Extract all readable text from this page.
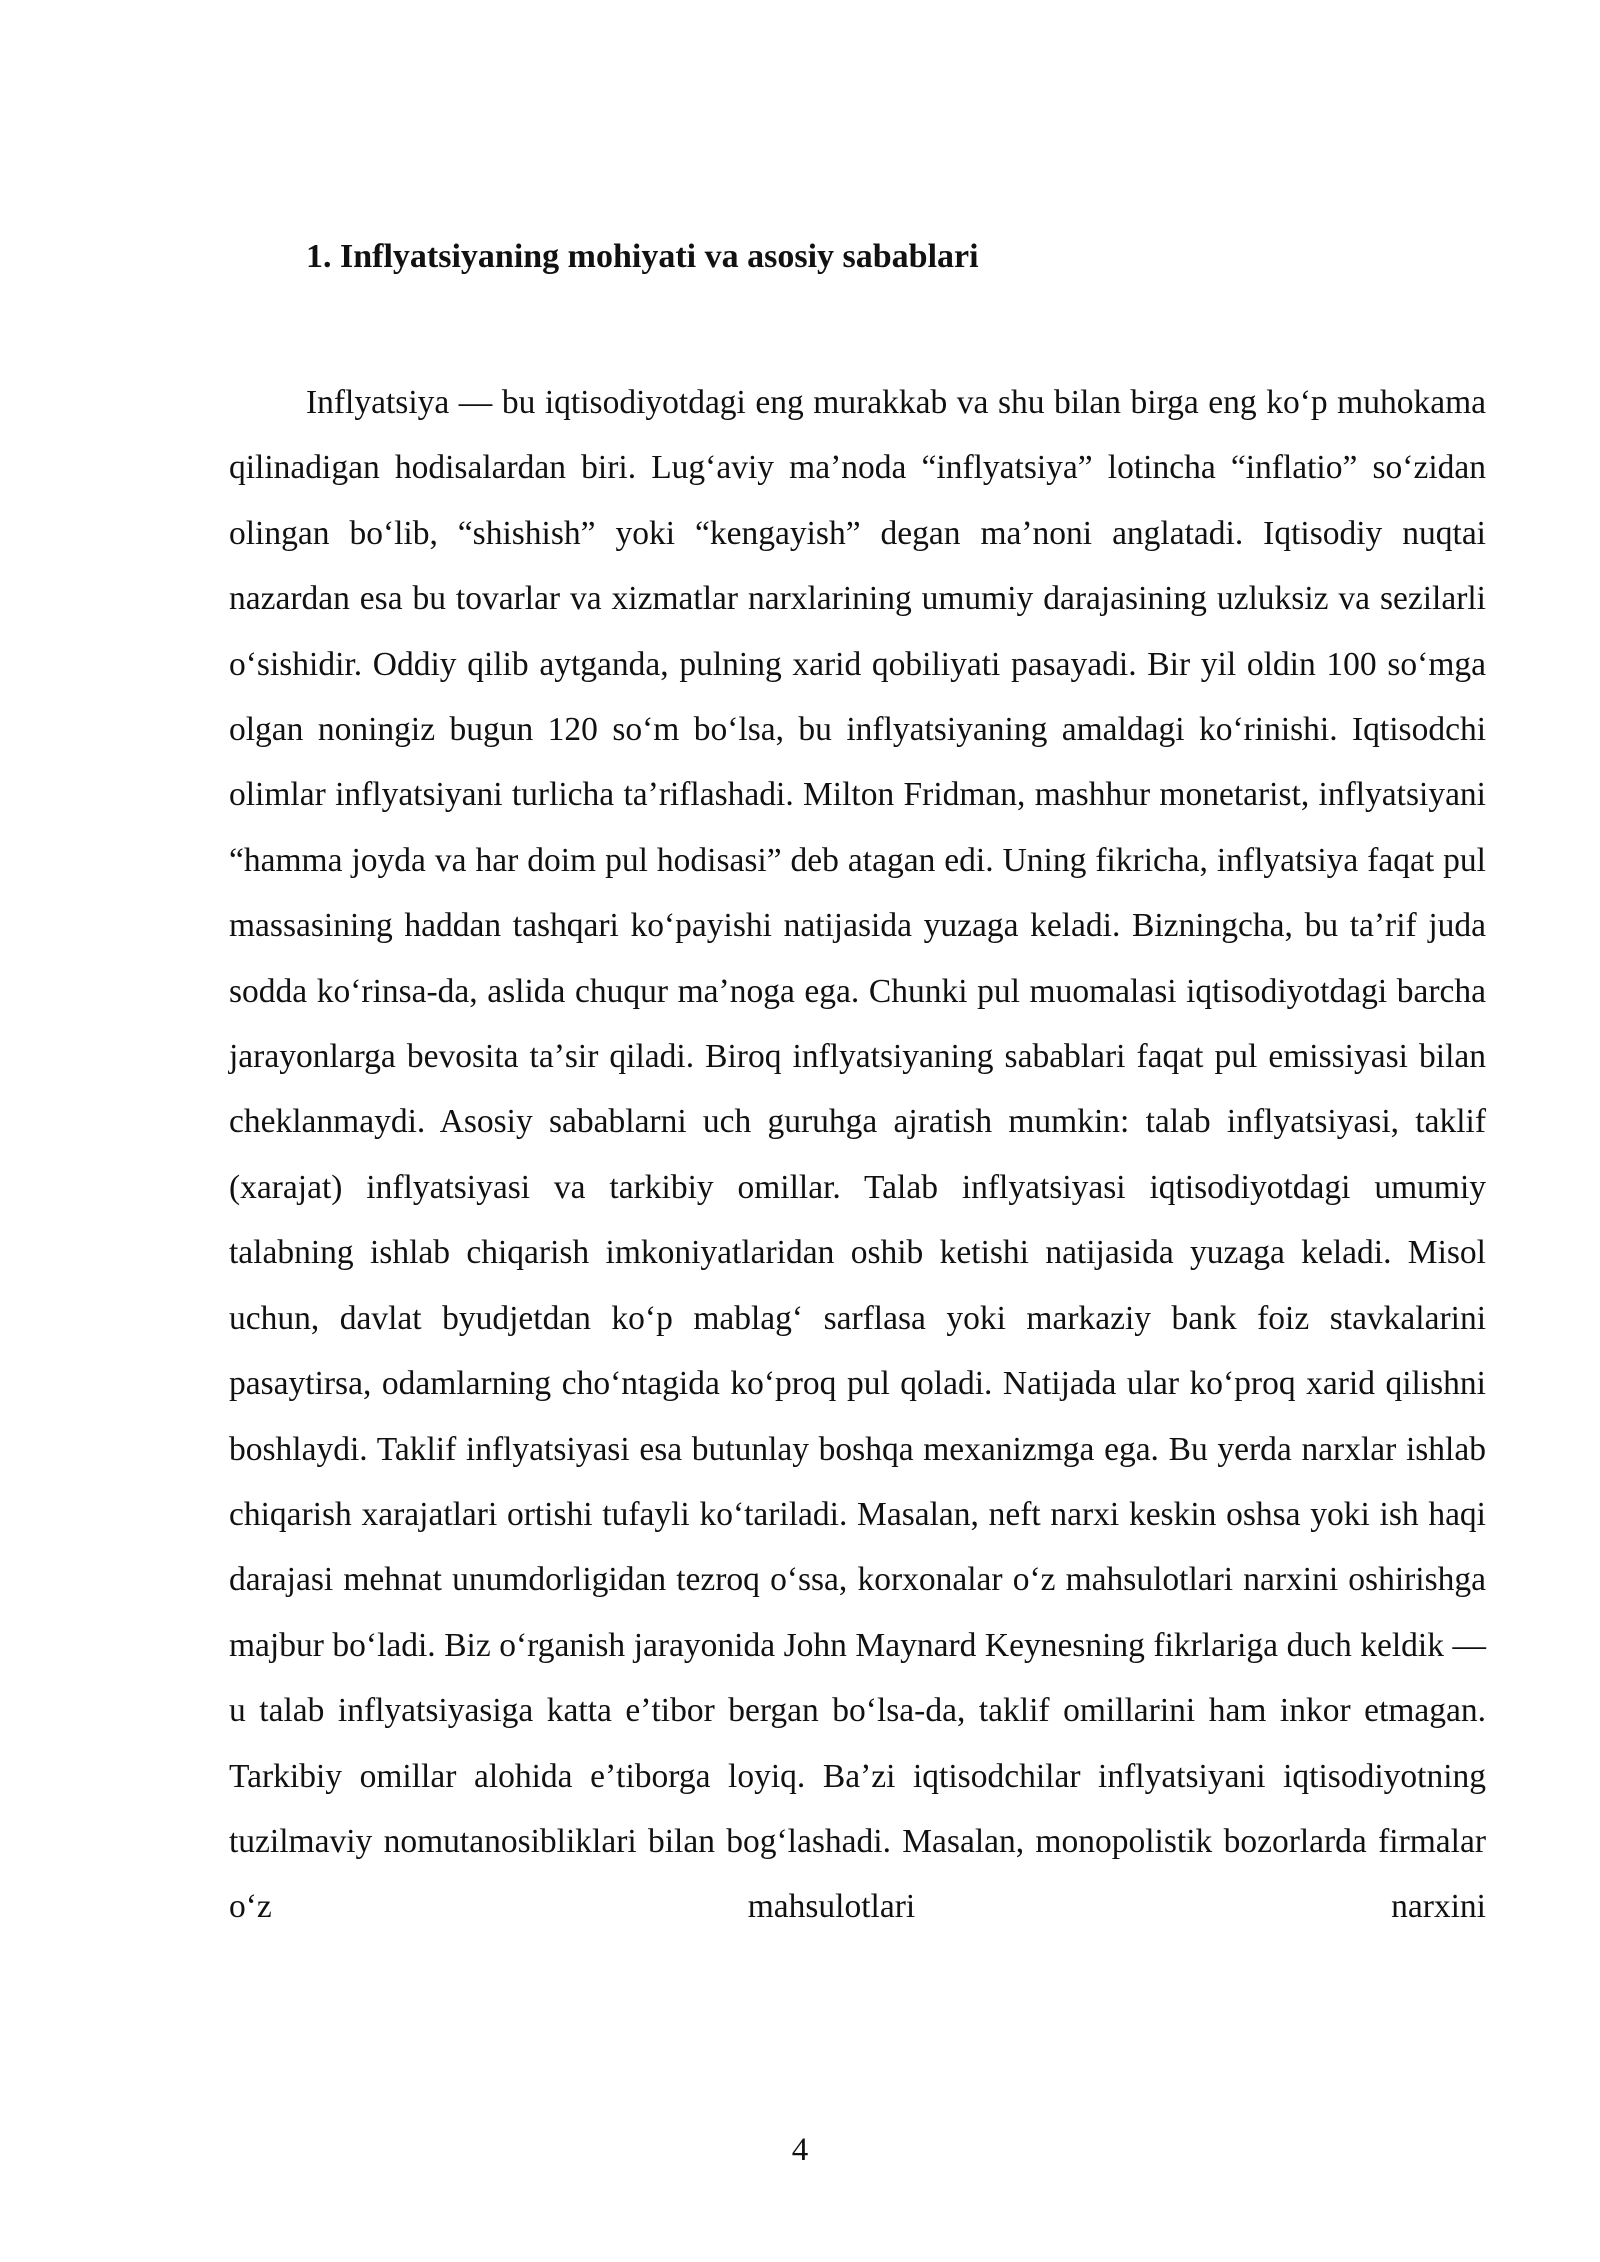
1. Inflyatsiyaning mohiyati va asosiy sabablari

Inflyatsiya — bu iqtisodiyotdagi eng murakkab va shu bilan birga eng koʻp muhokama qilinadigan hodisalardan biri. Lugʻaviy maʼnoda “inflyatsiya” lotincha “inflatio” soʻzidan olingan boʻlib, “shishish” yoki “kengayish” degan maʼnoni anglatadi. Iqtisodiy nuqtai nazardan esa bu tovarlar va xizmatlar narxlarining umumiy darajasining uzluksiz va sezilarli oʻsishidir. Oddiy qilib aytganda, pulning xarid qobiliyati pasayadi. Bir yil oldin 100 soʻmga olgan noningiz bugun 120 soʻm boʻlsa, bu inflyatsiyaning amaldagi koʻrinishi. Iqtisodchi olimlar inflyatsiyani turlicha taʼriflashadi. Milton Fridman, mashhur monetarist, inflyatsiyani “hamma joyda va har doim pul hodisasi” deb atagan edi. Uning fikricha, inflyatsiya faqat pul massasining haddan tashqari koʻpayishi natijasida yuzaga keladi. Bizningcha, bu taʼrif juda sodda koʻrinsa-da, aslida chuqur maʼnoga ega. Chunki pul muomalasi iqtisodiyotdagi barcha jarayonlarga bevosita taʼsir qiladi. Biroq inflyatsiyaning sabablari faqat pul emissiyasi bilan cheklanmaydi. Asosiy sabablarni uch guruhga ajratish mumkin: talab inflyatsiyasi, taklif (xarajat) inflyatsiyasi va tarkibiy omillar. Talab inflyatsiyasi iqtisodiyotdagi umumiy talabning ishlab chiqarish imkoniyatlaridan oshib ketishi natijasida yuzaga keladi. Misol uchun, davlat byudjetdan koʻp mablagʻ sarflasa yoki markaziy bank foiz stavkalarini pasaytirsa, odamlarning choʻntagida koʻproq pul qoladi. Natijada ular koʻproq xarid qilishni boshlaydi. Taklif inflyatsiyasi esa butunlay boshqa mexanizmga ega. Bu yerda narxlar ishlab chiqarish xarajatlari ortishi tufayli koʻtariladi. Masalan, neft narxi keskin oshsa yoki ish haqi darajasi mehnat unumdorligidan tezroq oʻssa, korxonalar oʻz mahsulotlari narxini oshirishga majbur boʻladi. Biz oʻrganish jarayonida John Maynard Keynesning fikrlariga duch keldik — u talab inflyatsiyasiga katta eʼtibor bergan boʻlsa-da, taklif omillarini ham inkor etmagan. Tarkibiy omillar alohida eʼtiborga loyiq. Baʼzi iqtisodchilar inflyatsiyani iqtisodiyotning tuzilmaviy nomutanosibliklari bilan bogʻlashadi. Masalan, monopolistik bozorlarda firmalar oʻz mahsulotlari narxini

4
